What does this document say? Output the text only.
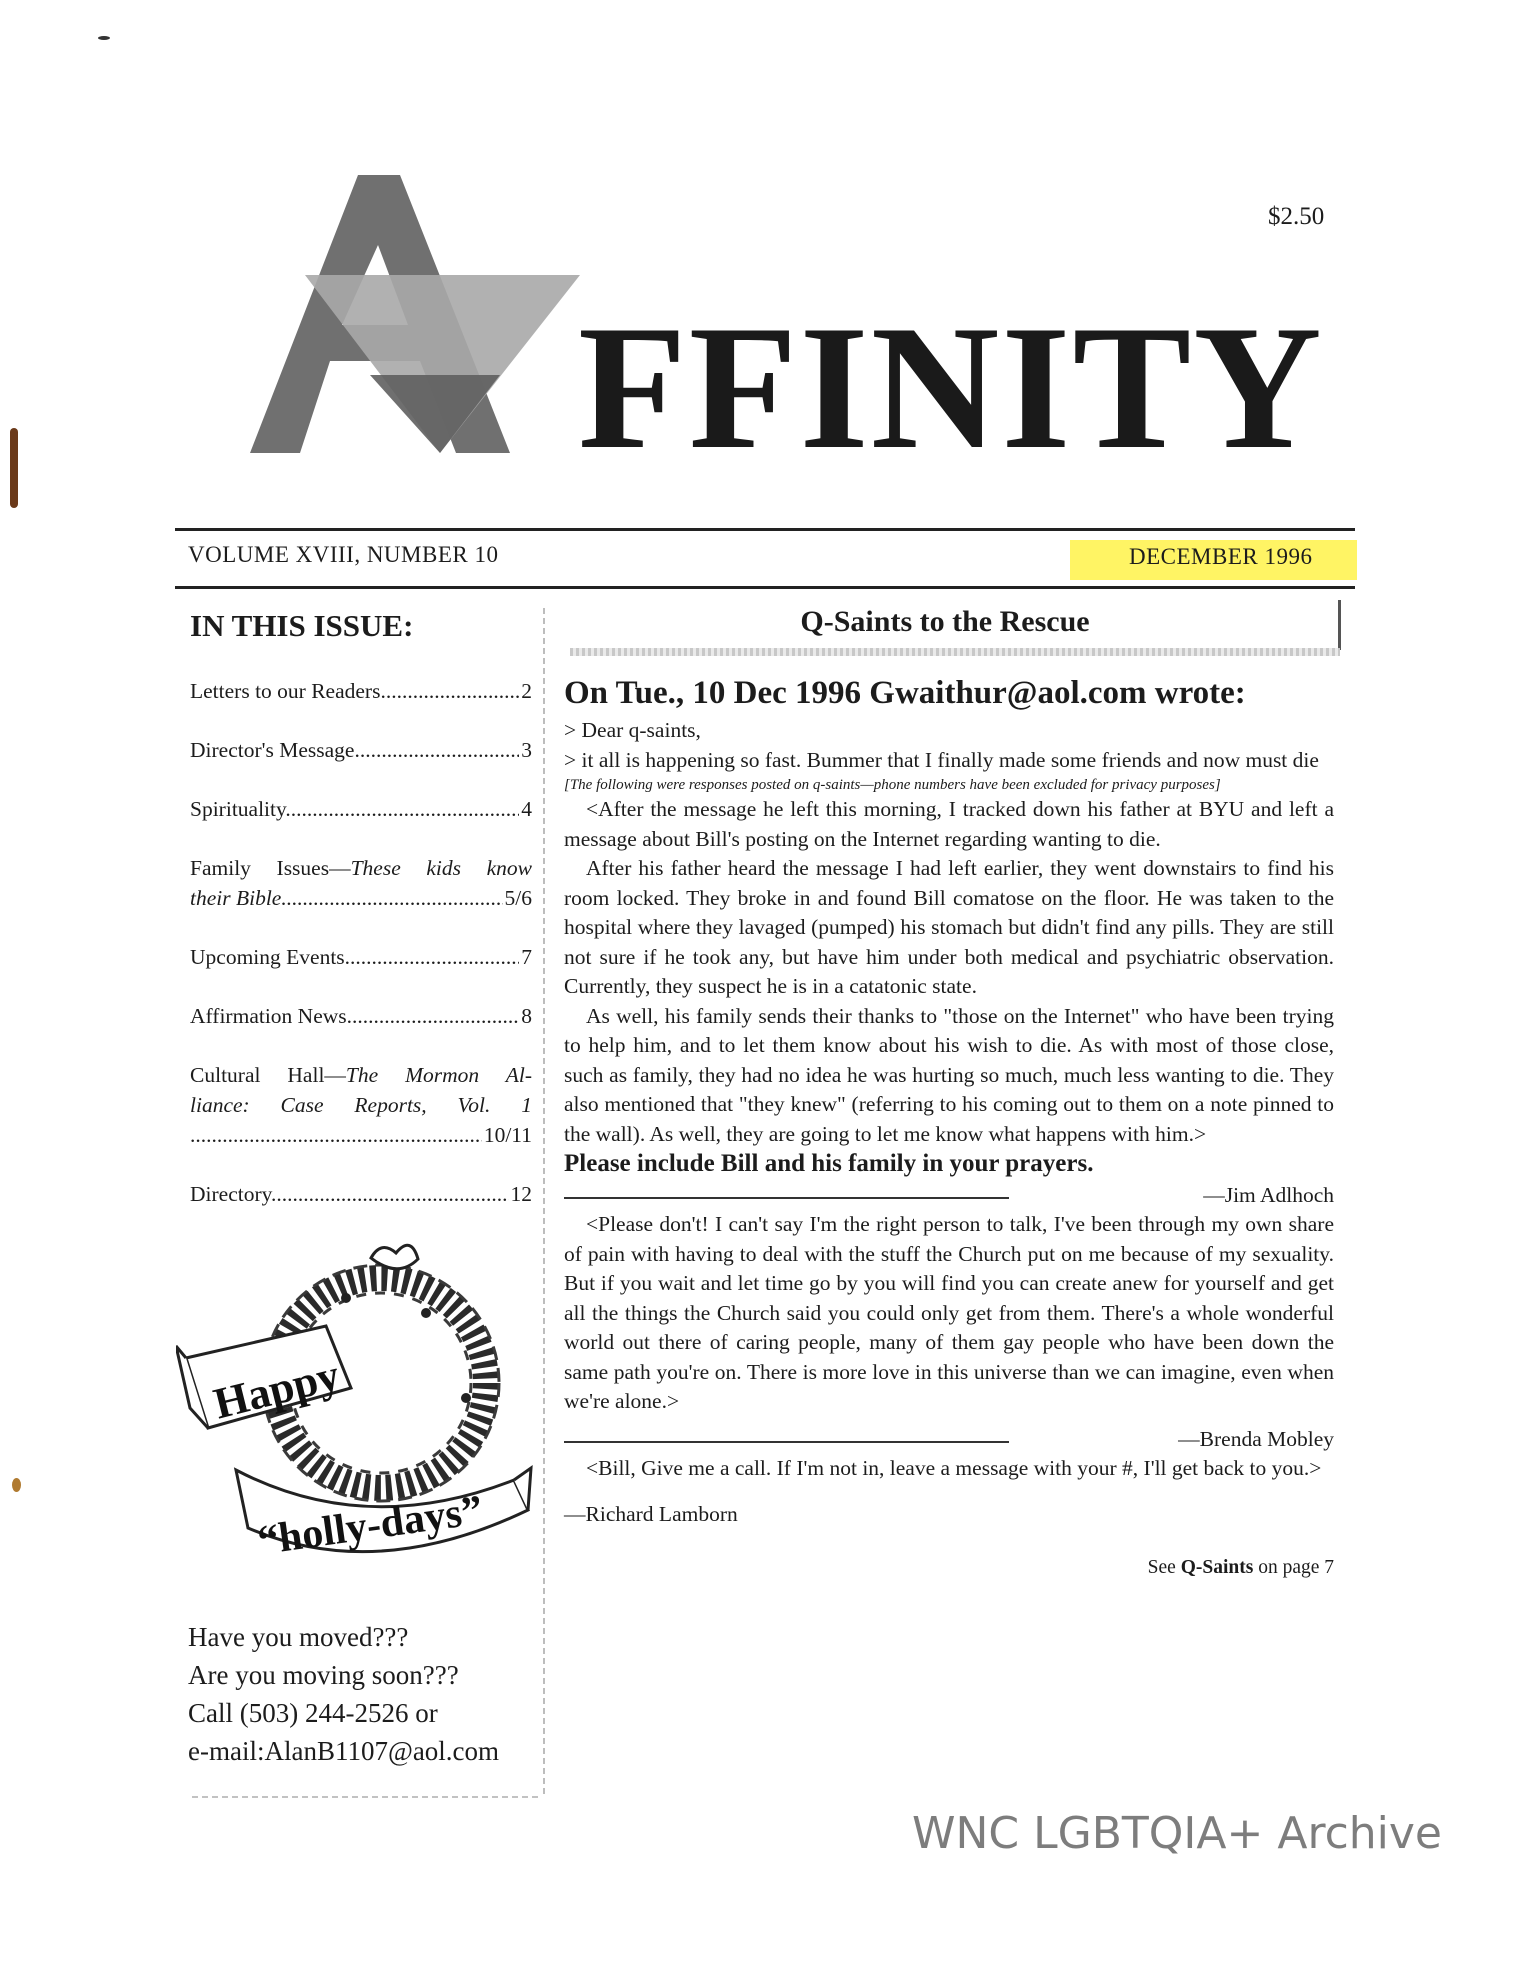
$2.50
FFINITY
VOLUME XVIII, NUMBER 10	DECEMBER 1996
IN THIS ISSUE:
Letters to our Readers .....	2
Director's Message .....	3
Spirituality .....	4
Family Issues—These kids know
their Bible .....	5/6
Upcoming Events .....	7
Affirmation News .....	8
Cultural Hall—The Mormon Al-
liance: Case Reports, Vol. 1
.....
10/11
Directory .....	12
Happy
“holly-days”
Have you moved???
Are you moving soon???
Call (503) 244-2526 or
e-mail:AlanB1107@aol.com
Q-Saints to the Rescue
On Tue., 10 Dec 1996 Gwaithur@aol.com wrote:

> Dear q-saints,

> it all is happening so fast. Bummer that I finally made some friends and now must die

[The following were responses posted on q-saints—phone numbers have been excluded for privacy purposes]

<After the message he left this morning, I tracked down his father at BYU and left a message about Bill's posting on the Internet regarding wanting to die.

After his father heard the message I had left earlier, they went downstairs to find his room locked. They broke in and found Bill comatose on the floor. He was taken to the hospital where they lavaged (pumped) his stomach but didn't find any pills. They are still not sure if he took any, but have him under both medical and psychiatric observation. Currently, they suspect he is in a catatonic state.

As well, his family sends their thanks to "those on the Internet" who have been trying to help him, and to let them know about his wish to die. As with most of those close, such as family, they had no idea he was hurting so much, much less wanting to die. They also mentioned that "they knew" (referring to his coming out to them on a note pinned to the wall). As well, they are going to let me know what happens with him.>

Please include Bill and his family in your prayers.

—Jim Adlhoch

<Please don't! I can't say I'm the right person to talk, I've been through my own share of pain with having to deal with the stuff the Church put on me because of my sexuality. But if you wait and let time go by you will find you can create anew for yourself and get all the things the Church said you could only get from them. There's a whole wonderful world out there of caring people, many of them gay people who have been down the same path you're on. There is more love in this universe than we can imagine, even when we're alone.>

—Brenda Mobley

<Bill, Give me a call. If I'm not in, leave a message with your #, I'll get back to you.>

—Richard Lamborn

See Q-Saints on page 7
WNC LGBTQIA+ Archive
